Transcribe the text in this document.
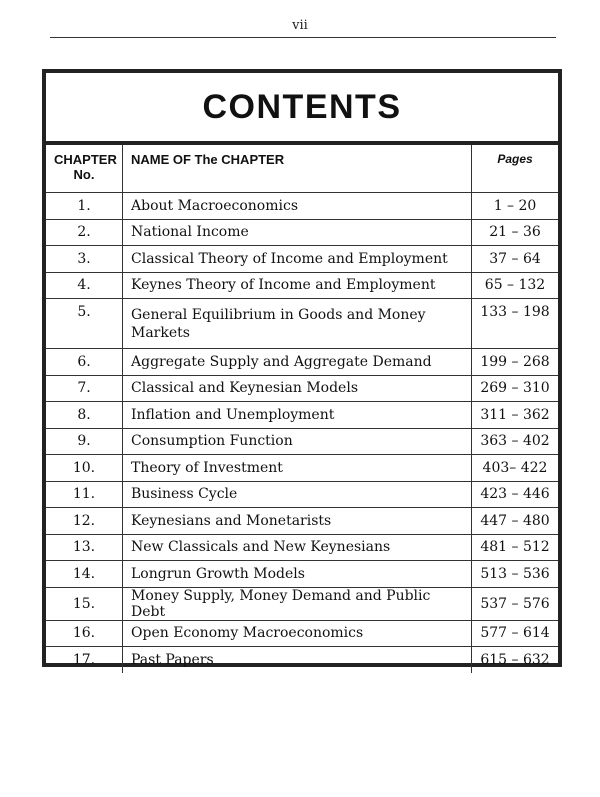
vii
CONTENTS
CHAPTER No.	NAME OF The CHAPTER	Pages
1.	About Macroeconomics	1 – 20
2.	National Income	21 – 36
3.	Classical Theory of Income and Employment	37 – 64
4.	Keynes Theory of Income and Employment	65 – 132
5.	General Equilibrium in Goods and Money Markets	133 – 198
6.	Aggregate Supply and Aggregate Demand	199 – 268
7.	Classical and Keynesian Models	269 – 310
8.	Inflation and Unemployment	311 – 362
9.	Consumption Function	363 – 402
10.	Theory of Investment	403– 422
11.	Business Cycle	423 – 446
12.	Keynesians and Monetarists	447 – 480
13.	New Classicals and New Keynesians	481 – 512
14.	Longrun Growth Models	513 – 536
15.	Money Supply, Money Demand and Public Debt	537 – 576
16.	Open Economy Macroeconomics	577 – 614
17.	Past Papers	615 – 632
